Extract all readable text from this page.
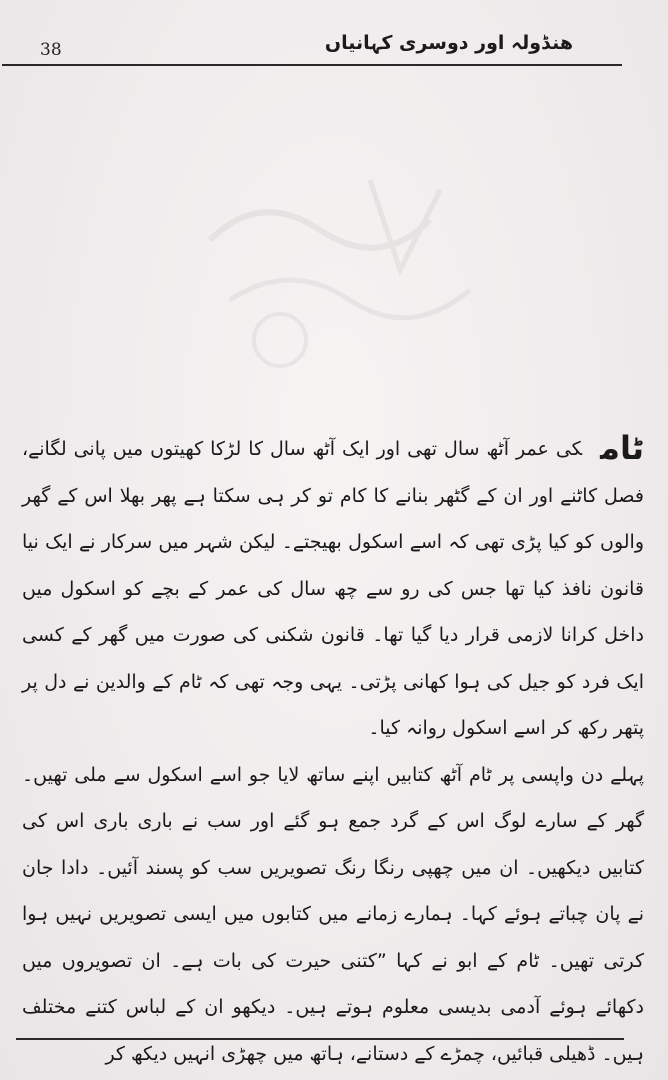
38	ھنڈولہ اور دوسری کہانیاں

ٹامکی عمر آٹھ سال تھی اور ایک آٹھ سال کا لڑکا کھیتوں میں پانی لگانے، فصل کاٹنے اور ان کے گٹھر بنانے کا کام تو کر ہی سکتا ہے پھر بھلا اس کے گھر والوں کو کیا پڑی تھی کہ اسے اسکول بھیجتے۔ لیکن شہر میں سرکار نے ایک نیا قانون نافذ کیا تھا جس کی رو سے چھ سال کی عمر کے بچے کو اسکول میں داخل کرانا لازمی قرار دیا گیا تھا۔ قانون شکنی کی صورت میں گھر کے کسی ایک فرد کو جیل کی ہوا کھانی پڑتی۔ یہی وجہ تھی کہ ٹام کے والدین نے دل پر پتھر رکھ کر اسے اسکول روانہ کیا۔

پہلے دن واپسی پر ٹام آٹھ کتابیں اپنے ساتھ لایا جو اسے اسکول سے ملی تھیں۔ گھر کے سارے لوگ اس کے گرد جمع ہو گئے اور سب نے باری باری اس کی کتابیں دیکھیں۔ ان میں چھپی رنگا رنگ تصویریں سب کو پسند آئیں۔ دادا جان نے پان چباتے ہوئے کہا۔ ہمارے زمانے میں کتابوں میں ایسی تصویریں نہیں ہوا کرتی تھیں۔ ٹام کے ابو نے کہا ”کتنی حیرت کی بات ہے۔ ان تصویروں میں دکھائے ہوئے آدمی بدیسی معلوم ہوتے ہیں۔ دیکھو ان کے لباس کتنے مختلف ہیں۔ ڈھیلی قبائیں، چمڑے کے دستانے، ہاتھ میں چھڑی انہیں دیکھ کر
